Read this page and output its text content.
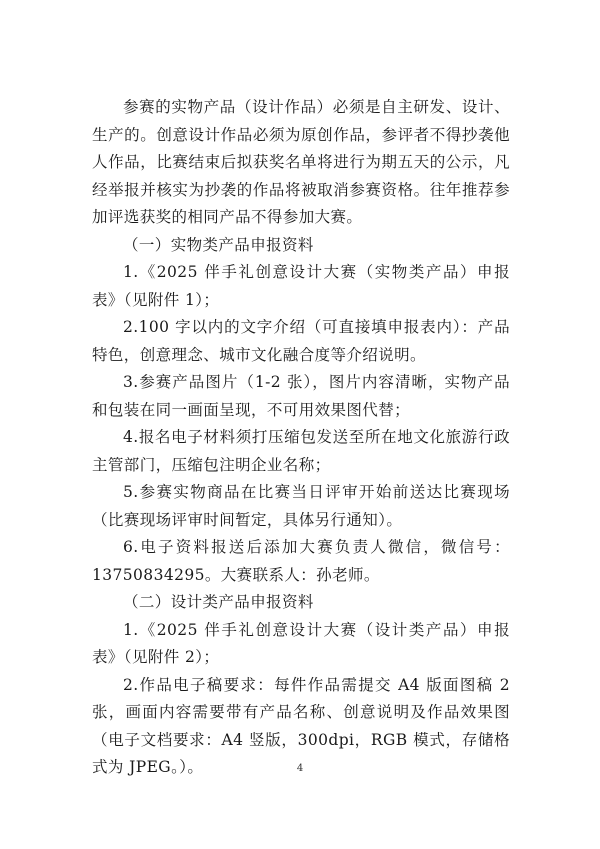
参赛的实物产品（设计作品）必须是自主研发、设计、生产的。创意设计作品必须为原创作品，参评者不得抄袭他人作品，比赛结束后拟获奖名单将进行为期五天的公示，凡经举报并核实为抄袭的作品将被取消参赛资格。往年推荐参加评选获奖的相同产品不得参加大赛。

（一）实物类产品申报资料

1.《2025 伴手礼创意设计大赛（实物类产品）申报表》（见附件 1）；

2.100 字以内的文字介绍（可直接填申报表内）：产品特色，创意理念、城市文化融合度等介绍说明。

3.参赛产品图片（1-2 张），图片内容清晰，实物产品和包装在同一画面呈现，不可用效果图代替；

4.报名电子材料须打压缩包发送至所在地文化旅游行政主管部门，压缩包注明企业名称；

5.参赛实物商品在比赛当日评审开始前送达比赛现场（比赛现场评审时间暂定，具体另行通知）。

6.电子资料报送后添加大赛负责人微信，微信号：13750834295。大赛联系人：孙老师。

（二）设计类产品申报资料

1.《2025 伴手礼创意设计大赛（设计类产品）申报表》（见附件 2）；

2.作品电子稿要求：每件作品需提交 A4 版面图稿 2 张，画面内容需要带有产品名称、创意说明及作品效果图（电子文档要求：A4 竖版，300dpi，RGB 模式，存储格式为 JPEG。）。	4
